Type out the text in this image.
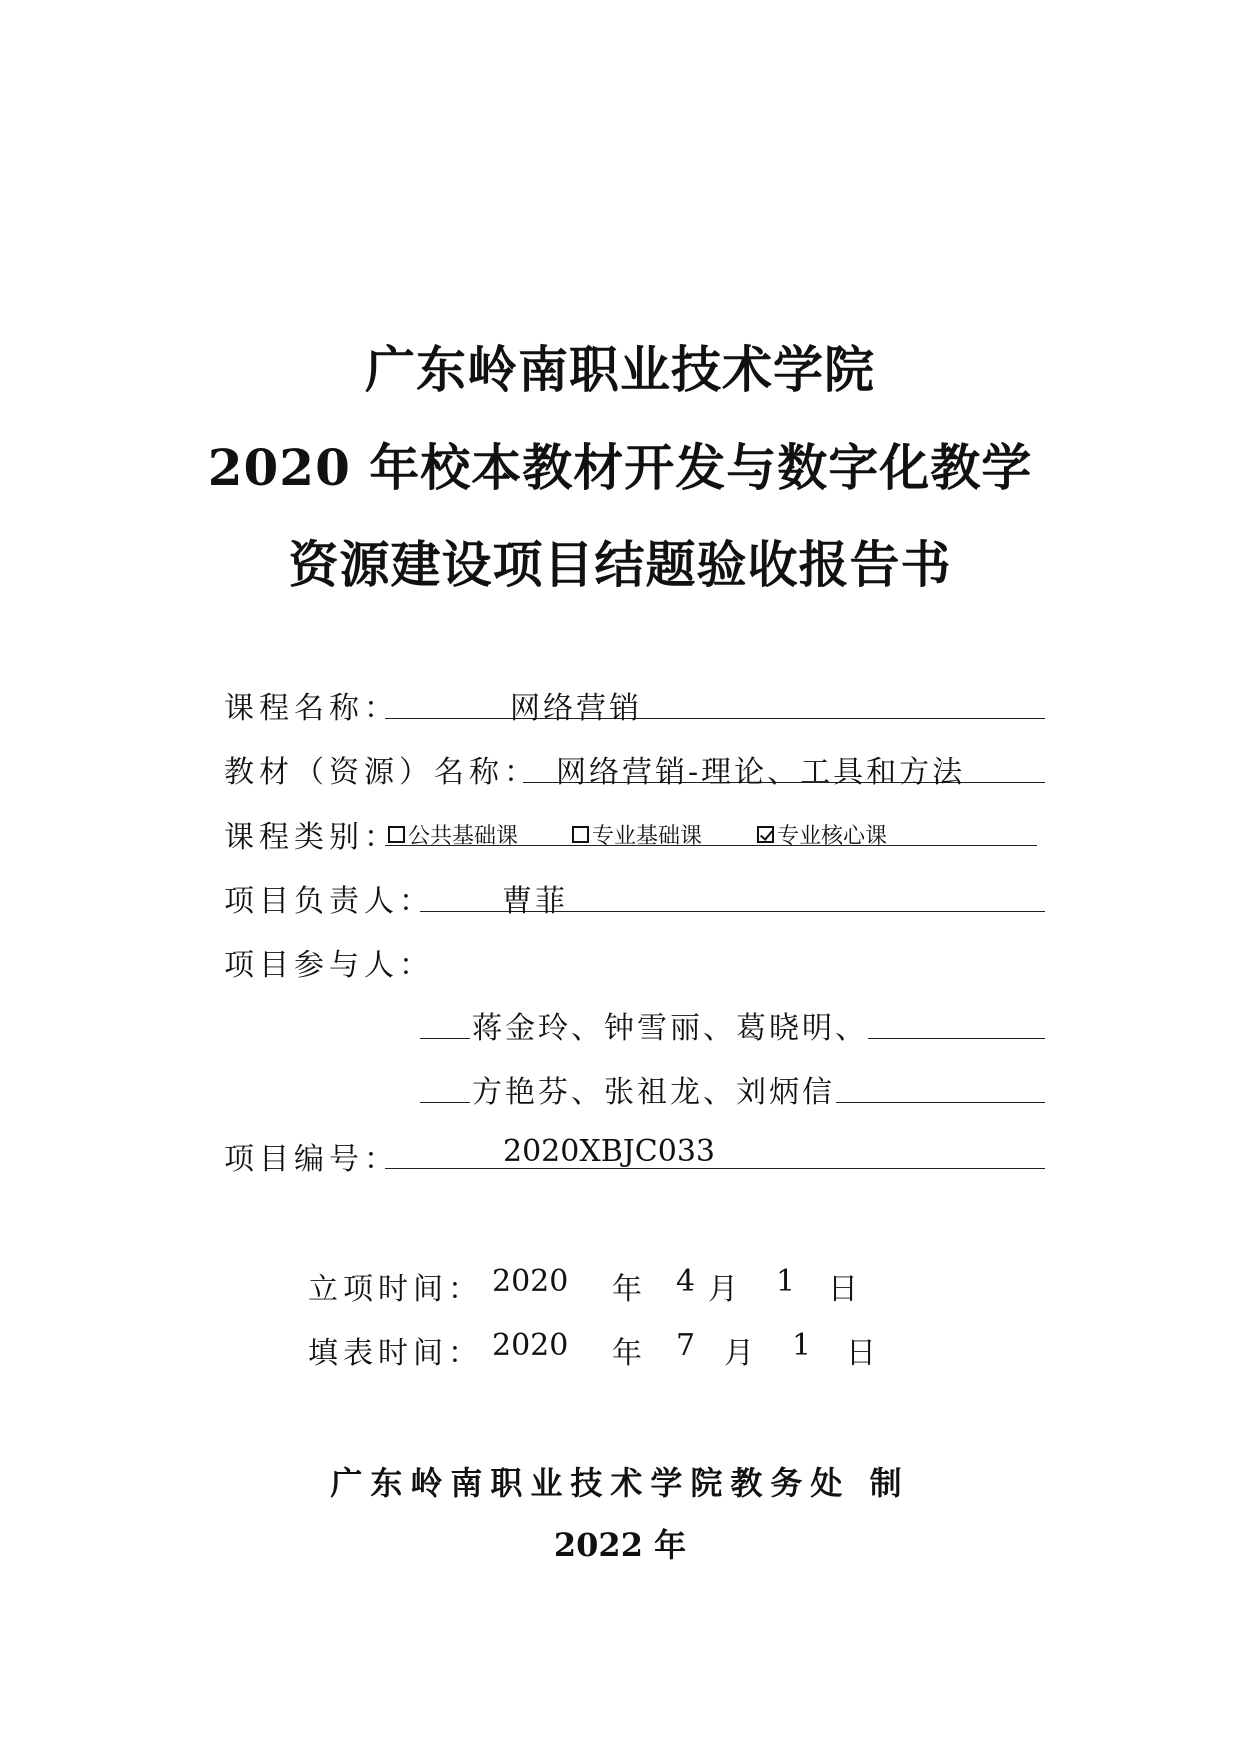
广东岭南职业技术学院
2020 年校本教材开发与数字化教学
资源建设项目结题验收报告书
课程名称：	网络营销
教材（资源）名称： 网络营销-理论、工具和方法
课程类别： 公共基础课	专业基础课	专业核心课
项目负责人： 曹菲
项目参与人：
蒋金玲、钟雪丽、葛晓明、
方艳芬、张祖龙、刘炳信
项目编号：	2020XBJC033
立项时间： 2020 年 4 月 1 日
填表时间： 2020 年 7 月 1 日
广东岭南职业技术学院教务处 制
2022 年
